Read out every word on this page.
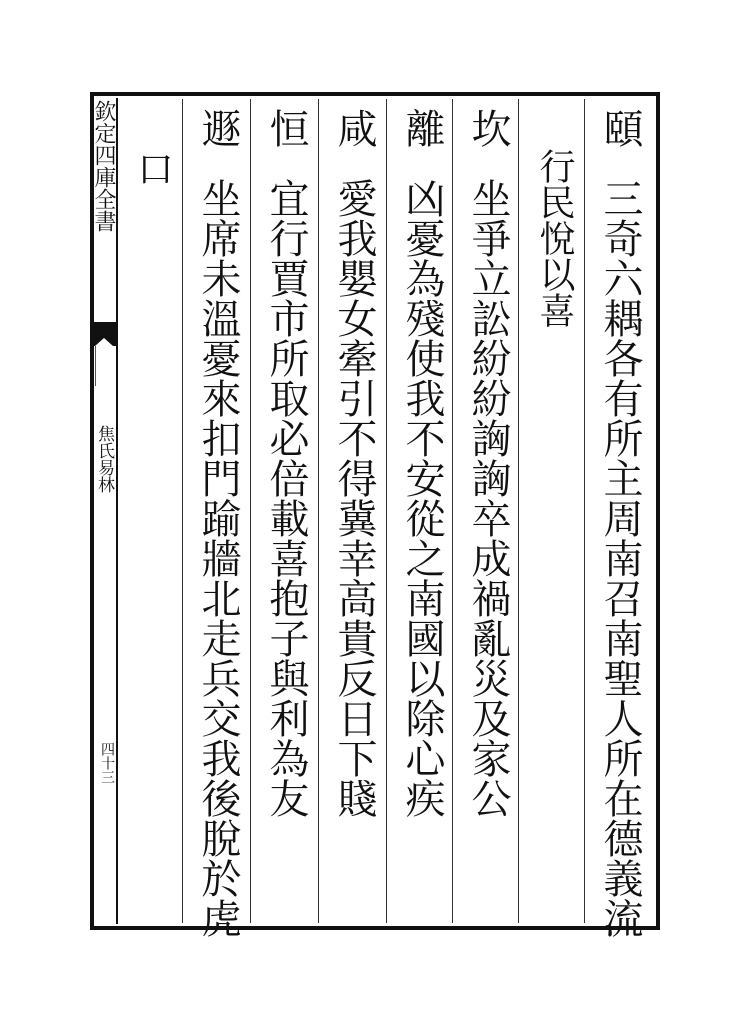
欽定四庫全書
焦氏易林
四十三
頤三奇六耦各有所主周南召南聖人所在德義流
行民悅以喜
坎坐爭立訟紛紛詾詾卒成禍亂災及家公
離凶憂為殘使我不安從之南國以除心疾
咸愛我嬰女牽引不得冀幸高貴反日下賤
恒宜行賈市所取必倍載喜抱子與利為友
遯坐席未溫憂來扣門踰牆北走兵交我後脫於虎
口
